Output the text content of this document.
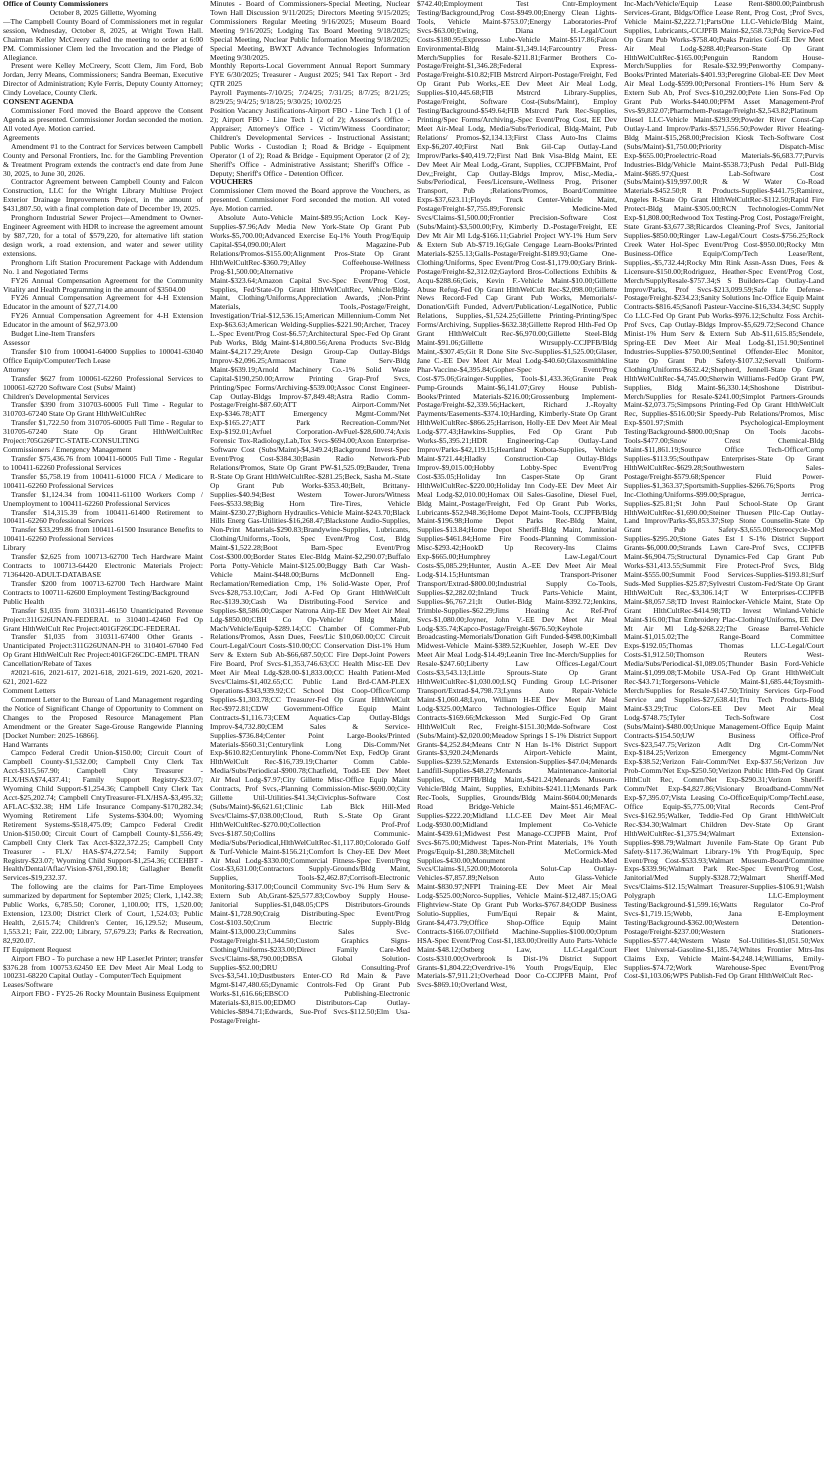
Office of County Commissioners

October 8, 2025 Gillette, Wyoming

—The Campbell County Board of Commissioners met in regular session, Wednesday, October 8, 2025, at Wright Town Hall. Chairman Kelley McCreery called the meeting to order at 6:00 PM. Commissioner Clem led the Invocation and the Pledge of Allegiance.

Present were Kelley McCreery, Scott Clem, Jim Ford, Bob Jordan, Jerry Means, Commissioners; Sandra Beeman, Executive Director of Administration; Kyle Ferris, Deputy County Attorney; Cindy Lovelace, County Clerk.

CONSENT AGENDA

Commissioner Ford moved the Board approve the Consent Agenda as presented. Commissioner Jordan seconded the motion. All voted Aye. Motion carried.

Agreements

Amendment #1 to the Contract for Services between Campbell County and Personal Frontiers, Inc. for the Gambling Prevention & Treatment Program extends the contract's end date from June 30, 2025, to June 30, 2026.

Contractor Agreement between Campbell County and Falcon Construction, LLC for the Wright Library Multiuse Project Exterior Drainage Improvements Project, in the amount of $431,807.50, with a final completion date of December 19, 2025.

Pronghorn Industrial Sewer Project—Amendment to Owner-Engineer Agreement with HDR to increase the agreement amount by $87,720, for a total of $579,220, for alternative lift station design work, a road extension, and water and sewer utility extensions.

Pronghorn Lift Station Procurement Package with Addendum No. 1 and Negotiated Terms

FY26 Annual Compensation Agreement for the Community Vitality and Health Programming in the amount of $3504.00

FY26 Annual Compensation Agreement for 4-H Extension Educator in the amount of $27,714.00

FY26 Annual Compensation Agreement for 4-H Extension Educator in the amount of $62,973.00

Budget Line-Item Transfers

Assessor

Transfer $10 from 100041-64000 Supplies to 100041-63040 Office Equip/Computer/Tech Lease

Attorney

Transfer $627 from 100061-62260 Professional Services to 100061-62720 Software Cost (Subs/ Maint)

Children's Developmental Services

Transfer $390 from 310703-60005 Full Time - Regular to 310703-67240 State Op Grant HlthWelCultRec

Transfer $1,722.50 from 310705-60005 Full Time - Regular to 310705-67240 State Op Grant HlthWelCultRec Project:705G26PTC-STATE-CONSULTING

Commissioners / Emergency Management

Transfer $75,436.76 from 100411-60005 Full Time - Regular to 100411-62260 Professional Services

Transfer $5,758.19 from 100411-61000 FICA / Medicare to 100411-62260 Professional Services

Transfer $1,124.34 from 100411-61100 Workers Comp / Unemployment to 100411-62260 Professional Services

Transfer $14,315.39 from 100411-61400 Retirement to 100411-62260 Professional Services

Transfer $33,299.86 from 100411-61500 Insurance Benefits to 100411-62260 Professional Services

Library

Transfer $2,625 from 100713-62700 Tech Hardware Maint Contracts to 100713-64420 Electronic Materials Project: 71364420-ADULT-DATABASE

Transfer $200 from 100713-62700 Tech Hardware Maint Contracts to 100711-62600 Employment Testing/Background

Public Health

Transfer $1,035 from 310311-46150 Unanticipated Revenue Project:311G26UNAN-FEDERAL to 310401-42460 Fed Op Grant HlthWelCult Rec Project:401GF26CDC-FEDERAL

Transfer $1,035 from 310311-67400 Other Grants - Unanticipated Project:311G26UNAN-PH to 310401-67040 Fed Op Grant HlthWelCult Rec Project:401GF26CDC-EMPL TRAN

Cancellation/Rebate of Taxes

#2021-616, 2021-617, 2021-618, 2021-619, 2021-620, 2021-621, 2021-622

Comment Letters

Comment Letter to the Bureau of Land Management regarding the Notice of Significant Change of Opportunity to Comment on Changes to the Proposed Resource Management Plan Amendment or the Greater Sage-Grouse Rangewide Planning [Docket Number: 2025-16866].

Hand Warrants

Campco Federal Credit Union-$150.00; Circuit Court of Campbell County-$1,532.00; Campbell Cnty Clerk Tax Acct-$315,567.90; Campbell Cnty Treasurer - FLX/HSA$74,437.41; Family Support Registry-$23.07; Wyoming Child Support-$1,254.36; Campbell Cnty Clerk Tax Acct-$25,202.74; Campbell CntyTreasurer-FLX/HSA-$3,495.32; AFLAC-$32.38; HM Life Insurance Company-$170,282.34; Wyoming Retirement Life Systems-$304.00; Wyoming Retirement Systems-$518,475.09; Campco Federal Credit Union-$150.00; Circuit Court of Campbell County-$1,556.49; Campbell Cnty Clerk Tax Acct-$322,372.25; Campbell Cnty Treasurer - FLX/ HAS-$74,272.54; Family Support Registry-$23.07; Wyoming Child Support-$1,254.36; CCEHBT - Health/Dental/Aflac/Vision-$761,390.18; Gallagher Benefit Services-$19,232.37.

The following are the claims for Part-Time Employees summarized by department for September 2025; Clerk, 1,142.38; Public Works, 6,785.50; Coroner, 1,100.00; ITS, 1,520.00; Extension, 123.00; District Clerk of Court, 1,524.03; Public Health, 2,615.74; Children's Center, 16,129.52; Museum, 1,553.21; Fair, 222.00; Library, 57,679.23; Parks & Recreation, 82,920.07.

IT Equipment Request

Airport FBO - To purchase a new HP LaserJet Printer; transfer $376.28 from 100753.62450 EE Dev Meet Air Meal Lodg to 100231-68220 Capital Outlay - Computer/Tech Equipment

Leases/Software

Airport FBO - FY25-26 Rocky Mountain Business Equipment

Minutes - Board of Commissioners-Special Meeting, Nuclear Town Hall Discussion 9/11/2025; Directors Meeting 9/15/2025; Commissioners Regular Meeting 9/16/2025; Museum Board Meeting 9/16/2025; Lodging Tax Board Meeting 9/18/2025; Special Meeting, Nuclear Public Information Meeting 9/18/2025; Special Meeting, BWXT Advance Technologies Information Meeting 9/30/2025.

Monthly Reports-Local Government Annual Report Summary FYE 6/30/2025; Treasurer - August 2025; 941 Tax Report - 3rd QTR 2025

Payroll Payments-7/10/25; 7/24/25; 7/31/25; 8/7/25; 8/21/25; 8/29/25; 9/4/25; 9/18/25; 9/30/25; 10/02/25

Position Vacancy Justifications-Airport FBO - Line Tech 1 (1 of 2); Airport FBO - Line Tech 1 (2 of 2); Assessor's Office - Appraiser; Attorney's Office - Victim/Witness Coordinator; Children's Developmental Services - Instructional Assistant; Public Works - Custodian I; Road & Bridge - Equipment Operator (1 of 2); Road & Bridge - Equipment Operator (2 of 2); Sheriff's Office - Administrative Assistant; Sheriff's Office - Deputy; Sheriff's Office - Detention Officer.

VOUCHERS

Commissioner Clem moved the Board approve the Vouchers, as presented. Commissioner Ford seconded the motion. All voted Aye. Motion carried.

Absolute Auto-Vehicle Maint-$89.95;Action Lock Key-Supplies-$7.96;Adv Media New York-State Op Grant Pub Works-$5,700.00;Advanced Exercise Eq-1% Youth Prog/Equip Capital-$54,090.00;Alert Magazine-Pub Relations/Promos-$155.00;Alignment Pros-State Op Grant HlthWelCultRec-$360.79;Alley Coffeehouse-Wellness Prog-$1,500.00;Alternative Propane-Vehicle Maint-$323.64;Amazon Capital Svc-Spec Event/Prog Cost, Supplies, Fed/State-Op Grant HlthWelCultRec, Vehicle/Bldg-Maint, Clothing/Uniforms,Appreciation Awards, ;Non-Print Materials, Tools,-Postage/Freight, Investigation/Trial-$12,536.15;American Millennium-Comm Net Exp-$63.63;American Welding-Supplies-$221.90;Archer, Tracey L.-Spec Event/Prog Cost-$6.57;Architectural Spec-Fed Op Grant Pub Works, Bldg Maint-$14,800.56;Arena Products Svc-Bldg Maint-$4,217.29;Arete Design Group-Cap Outlay-Bldgs Improv-$2,096.25;Armacost Trane Serv-Bldg Maint-$639.19;Arnold Machinery Co.-1% Solid Waste Capital-$190,250.00;Arrow Printing Grap-Prof Svcs, Printing/Spec Forms/Archiving-$539.00;Assoc Const Engineer-Cap Outlay-Bldgs Improv-$7,849.48;Astra Radio Comm-Postage/Freight-$87.60;ATT Airport-Comm/Net Exp-$346.78;ATT Emergency Mgmt-Comm/Net Exp-$165.27;ATT Park Recreation-Comm/Net Exp-$192.01;Avfuel Corporation-AvFuel-$28,600.74;Axis Forensic Tox-Radiology,Lab,Tox Svcs-$694.00;Axon Enterprise-Software Cost (Subs/Maint)-$4,349.24;Background Invest-Spec Event/Prog Cost-$384.30;Basin Radio Network-Pub Relations/Promos, State Op Grant PW-$1,525.09;Bauder, Trena R-State Op Grant HlthWelCultRec-$281.25;Beck, Sasha M.-State Op Grant Pub Works-$353.40;Belt, Brittany-Supplies-$40.94;Best Western Tower-Jurors/Witness Fees-$533.98;Big Horn Tire-Tires, Vehicle Maint-$230.27;Bighorn Hydraulics-Vehicle Maint-$243.70;Black Hills Energ Gas-Utilities-$16,268.47;Blackstone Audio-Supplies, Non-Print Materials-$290.83;Brandywine-Supplies, Lubricants, Clothing/Uniforms,-Tools, Spec Event/Prog Cost, Bldg Maint-$1,522.28;Boot Barn-Spec Event/Prog Cost-$300.00;Border States Elec-Bldg Maint-$2,290.07;Buffalo Porta Potty-Vehicle Maint-$125.00;Buggy Bath Car Wash-Vehicle Maint-$448.00;Burns McDonnell Eng-Reclamation/Remediation Cmp, 1% Solid-Waste Oper, Prof Svcs-$28,753.10;Carr, Jodi A-Fed Op Grant HlthWelCult Rec-$139.30;Cash Wa Distributing-Food Service and Supplies-$8,586.00;Casper Natrona Airp-EE Dev Meet Air Meal Ldg-$850.00;CBH Co Op-Vehicle/ Bldg Maint, Mach/Vehicle/Equip-$289.14;CC Chamber Of Commer-Pub Relations/Promos, Assn Dues, Fees/Lic $10,060.00;CC Circuit Court-Legal/Court Costs-$10.00;CC Conservation Dist-1% Hum Serv & Extern Sub Ab-$66,687.50;CC Fire Dept-Joint Powers Fire Board, Prof Svcs-$1,353,746.63;CC Health Misc-EE Dev Meet Air Meal Ldg-$28.00-$1,833.00;CC Health Patient-Med Svcs/Claims-$1,402.65;CC Public Land Brd-CAM-PLEX Operations-$343,939.92;CC School Dist Coop-Office/Comp Supplies-$1,303.78;CC Treasurer-Fed Op Grant HlthWelCult Rec-$972.81;CDW Government-Office Equip Maint Contracts-$1,116.73;CEM Aquatics-Cap Outlay-Bldgs Improv-$4,732.80;CEM Sales & Service-Supplies-$736.84;Center Point Large-Books/Printed Materials-$560.31;Centurylink Long Dis-Comm/Net Exp-$610.82;Centurylink Phone-Comm/Net Exp, FedOp Grant HlthWelCult Rec-$16,739.19;Charter Comm Cable-Media/Subs/Periodical-$900.78;Chatfield, Todd-EE Dev Meet Air Meal Lodg-$7.97;City Gillette Misc-Office Equip Maint Contracts, Prof Svcs,-Planning Commission-Misc-$690.00;City Gillette Util-Utilities-$41.34;Civicplus-Software Cost (Subs/Maint)-$6,621.61;Clinic Lab Blck Hill-Med Svcs/Claims-$7,038.00;Cloud, Ruth S.-State Op Grant HlthWelCultRec-$270.00;Collection Prof-Prof Svcs-$187.50;Collins Communic-Media/Subs/Periodical,HlthWelCultRec-$1,117.80;Colorado Golf & Turf-Vehicle Maint-$156.21;Comfort Is Chey-EE Dev Meet Air Meal Lodg-$330.00;Commercial Fitness-Spec Event/Prog Cost-$3,631.00;Contractors Supply-Grounds/Bldg Maint, Supplies, Tools-$2,462.87;Corrisoft-Electronic Monitoring-$317.00;Council Community Svc-1% Hum Serv & Extern Sub Ab,Grant-$25,577.83;Cowboy Supply House-Janitorial Supplies-$1,048.05;CPS Distributors-Grounds Maint-$1,728.90;Craig Distributing-Spec Event/Prog Cost-$103.50;Crum Electric Supply-Bldg Maint-$13,000.23;Cummins Sales Svc-Postage/Freight-$11,344.50;Custom Graphics Signs-Clothing/Uniforms-$233.00;Direct Family Care-Med Svcs/Claims-$8,790.00;DBSA Global Solution-Supplies-$52.00;DRU Consulting-Prof Svcs-$3,541.10;Dustbusters Enter-CO Rd Main & Pave Mgmt-$147,480.65;Dynamic Controls-Fed Op Grant Pub Works-$1,616.66;EBSCO Publishing-Electronic Materials-$3,815.00;EDMO Distributors-Cap Outlay-Vehicles-$894.71;Edwards, Sue-Prof Svcs-$112.50;Elm Usa-Postage/Freight-

$742.40;Employment Test Cntr-Employment Testing/Background,Prog Cost-$949.00;Energy Clean Lights-Tools, Vehicle Maint-$753.07;Energy Laboratories-Prof Svcs-$63.00;Ewing, Diana H.-Legal/Court Costs-$180.95;Expresso Lube-Vehicle Maint-$517.86;Falcon Environmental-Bldg Maint-$1,349.14;Farcountry Press-Merch/Supplies for Resale-$211.81;Farmer Brothers Co-Postage/Freight-$1,346.28;Federal Express-Postage/Freight-$10.82;FIB Mstrcrd Airport-Postage/Freight, Fed Op Grant Pub Works,-EE Dev Meet Air Meal Lodg, Supplies-$10,445.68;FIB Mstrcrd Library-Supplies, Postage/Freight, Software Cost-(Subs/Maint), Employ Testing/Background-$549.64;FIB Mstrcrd Park Rec-Supplies, Printing/Spec Forms/Archiving,-Spec Event/Prog Cost, EE Dev Meet Air-Meal Lodg, Media/Subs/Periodical, Bldg-Maint, Pub Relations/ Promos-$2,134.13;First Class Auto-Ins Claims Exp-$6,207.40;First Natl Bnk Gil-Cap Outlay-Land Improv/Parks-$40,419.72;First Natl Bnk Visa-Bldg Maint, EE Dev Meet Air Meal Lodg,-Grant, Supplies, CCJPFBMaint, Prof Dev,;Freight, Cap Outlay-Bldgs Improv, Misc,-Media,-Subs/Periodical, Fees/Licensure,-Wellness Prog, Prisoner Transport, Pub ;Relations/Promos, Board/Committee Exps-$37,623.11;Floyds Truck Center-Vehicle Maint, Postage/Freight-$7,755.89;Forensic Medicine-Med Svcs/Claims-$1,500.00;Frontier Precision-Software Cost (Subs/Maint)-$3,500.00;Fry, Kimberly D.-Postage/Freight, EE Dev Mt Air Ml Ldg-$166.11;Gabriel Project WY-1% Hum Serv & Extern Sub Ab-$719.16;Gale Cengage Learn-Books/Printed Materials-$255.13;Galls-Postage/Freight-$189.93;Game One-Clothing/Uniforms, Spec Event/Prog Cost-$1,179.00;Gary Brink-Postage/Freight-$2,312.02;Gaylord Bros-Collections Exhibits & Acqu-$288.66;Geis, Kevin F.-Vehicle Maint-$10.00;Gillette Abuse Refug-Fed Op Grant HlthWelCult Rec-$2,098.00;Gillette News Record-Fed Cap Grant Pub Works, Memorials/-Donation/Gift Funded, Advert/Publication/-LegalNotice, Public Relations, Supplies,-$1,524.25;Gillette Printing-Printing/Spec Forms/Archiving, Supplies-$632.38;Gillette Reprod Hlth-Fed Op Grant HlthWelCult Rec-$6,970.00;Gillette Steel-Bldg Maint-$91.06;Gillette Wtrsupply-CCJPFB/Bldg Maint,-$307.45;Git R Done Site Svc-Supplies-$1,525.00;Glaser, Jane C.-EE Dev Meet Air Meal Lodg-$40.60;Glaxosmithkline Phar-Vaccine-$4,395.84;Gopher-Spec Event/Prog Cost-$75.06;Grainger-Supplies, Tools-$1,433.36;Granite Peak Pump-Grounds Maint-$6,141.07;Grey House Publish-Books/Printed Materials-$216.00;Grossenburg Implement-Postage/Freight-$2,339.56;Hackert, Richard J.-Royalty Payments/Easements-$374.10;Harding, Kimberly-State Op Grant HlthWelCultRec-$866.25;Harrison, Holly-EE Dev Meet Air Meal Lodg-$77.43;Hawkins-Supplies, Fed Op Grant Pub Works-$5,395.21;HDR Engineering-Cap Outlay-Land Improv/Parks-$42,119.15;Heartland Kubota-Supplies, Vehicle Maint-$721.44;Hladky Construction-Cap Outlay-Bldgs Improv-$9,015.00;Hobby Lobby-Spec Event/Prog Cost-$35.05;Holiday Inn Casper-State Op Grant HlthWelCultRec-$220.00;Holiday Inn Cody-EE Dev Meet Air Meal Lodg-$2,010.00;Homax Oil Sales-Gasoline, Diesel Fuel, Bldg Maint,-Postage/Freight, Fed Op Grant Pub Works, Lubricants-$52,948.36;Home Depot Maint-Tools, CCJPFB/Bldg Maint-$196.98;Home Depot Parks Rec-Bldg Maint, Supplies-$13.84;Home Depot Sheriff-Bldg Maint, Janitorial Supplies-$461.84;Home Fire Foods-Planning Commission-Misc-$293.42;HookD Up Recovery-Ins Claims Exp-$665.00;Humphrey Law-Legal/Court Costs-$5,085.29;Hunter, Austin A.-EE Dev Meet Air Meal Lodg-$14.15;Huntsman Transport-Prisoner Transport/Extrad-$800.00;Industrial Supply Co-Tools, Supplies-$2,282.02;Inland Truck Parts-Vehicle Maint, Supplies-$6,767.21;It Outlet-Bldg Maint-$392.72;Jenkins, Trimble-Supplies-$62.29;Jims Heating Ac Ref-Prof Svcs-$1,080.00;Joyner, John V.-EE Dev Meet Air Meal Lodg-$35.74;Kapco-Postage/Freight-$676.50;Keyhole Broadcasting-Memorials/Donation Gift Funded-$498.00;Kimball Midwest-Vehicle Maint-$389.52;Kuehler, Joseph W.-EE Dev Meet Air Meal Lodg-$14.49;Leanin Tree Inc-Merch/Supplies for Resale-$247.60;Liberty Law Offices-Legal/Court Costs-$3,543.13;Little Sprouts-State Op Grant HlthWelCultRec-$1,030.00;LSQ Funding Group LC-Prisoner Transport/Extrad-$4,798.73;Lynns Auto Repair-Vehicle Maint-$1,060.48;Lyon, William H-EE Dev Meet Air Meal Lodg-$325.00;Marco Technologies-Office Equip Maint Contracts-$169.66;Mckesson Med Surgic-Fed Op Grant HlthWelCult Rec, Freight-$151.30;Mde-Software Cost (Subs/Maint)-$2,020.00;Meadow Springs I S-1% District Support Grants-$4,252.84;Means Cntr N Han Is-1% District Support Grants-$3,920.24;Menards Airport-Vehicle Maint, Supplies-$239.52;Menards Extension-Supplies-$47.04;Menards Landfill-Supplies-$48.27;Menards Maintenance-Janitorial Supplies, CCJPFB/Bldg Maint,-$421.24;Menards Museum-Vehicle/Bldg Maint, Supplies, Exhibits-$241.11;Menards Park Rec-Tools, Supplies, Grounds/Bldg Maint-$604.00;Menards Road Bridge-Vehicle Maint-$51.46;MFAC-Supplies-$222.20;Midland LLC-EE Dev Meet Air Meal Lodg-$930.00;Midland Implement Co-Vehicle Maint-$439.61;Midwest Pest Manage-CCJPFB Maint, Prof Svcs-$675.00;Midwest Tapes-Non-Print Materials, 1% Youth Progs/Equip-$1,280.38;Mitchell McCormick-Med Supplies-$430.00;Monument Health-Med Svcs/Claims-$1,520.00;Motorola Solut-Cap Outlay-Vehicles-$7,857.89;Nelson Auto Glass-Vehicle Maint-$830.97;NFPI Training-EE Dev Meet Air Meal Lodg-$525.00;Norco-Supplies, Vehicle Maint-$12,487.15;OAG Flightview-State Op Grant Pub Works-$767.84;ODP Business Solutio-Supplies, Fum/Equi Repair & Maint, Grant-$4,473.79;Office Shop-Office Equip Maint Contracts-$166.07;Oilfield Machine-Supplies-$100.00;Optum HSA-Spec Event/Prog Cost-$1,183.00;Oreilly Auto Parts-Vehicle Maint-$48.12;Ostberg Law, LLC-Legal/Court Costs-$310.00;Overbrook Is Dist-1% District Support Grants-$1,804.22;Overdrive-1% Youth Progs/Equip, Elec Materials-$7,911.21;Overhead Door Co-CCJPFB Maint, Prof Svcs-$869.10;Overland West,

Inc-Mach/Vehicle/Equip Lease Rent-$800.00;Paintbrush Services-Grant, Bldgs/Office Lease Rent, Prog Cost, ;Prof Svcs, Vehicle Maint-$2,222.71;PartsOne LLC-Vehicle/Bldg Maint, Supplies, Lubricants,-CCJPFB Maint-$2,558.73;Pdq Service-Fed Op Grant Pub Works-$758.40;Peaks Prairies Golf-EE Dev Meet Air Meal Lodg-$288.40;Pearson-State Op Grant HlthWelCultRec-$165.00;Penguin Random House-Merch/Supplies for Resale-$32.99;Penworthy Company-Books/Printed Materials-$401.93;Peregrine Global-EE Dev Meet Air Meal Lodg-$599.00;Personal Frontiers-1% Hum Serv & Extern Sub Ab, Prof Svcs-$10,292.00;Pete Lien Sons-Fed Op Grant Pub Works-$440.00;PFM Asset Management-Prof Svs-$9,832.07;Pharmchem-Postage/Freight-$2,543.82;Platinum Diesel LLC-Vehicle Maint-$293.99;Powder River Const-Cap Outlay-Land Improv/Parks-$571,556.50;Powder River Heating-Bldg Maint-$15,268.00;Precision Kiosk Tech-Software Cost (Subs/Maint)-$1,750.00;Priority Dispatch-Misc Exp-$655.00;Proelectric-Road Materials-$6,683.77;Purvis Industries-Bldg/Vehicle Maint-$538.73;Push Pedal Pull-Bldg Maint-$685.97;Quest Lab-Software Cost (Subs/Maint)-$19,997.00;R & W Water Co-Road Materials-$452.50;R R Products-Supplies-$441.75;Ramirez, Angeles R-State Op Grant HlthWelCultRec-$112.50;Rapid Fire Protect-Bldg Maint-$305.00;RCN Technologies-Comm/Net Exp-$1,808.00;Redwood Tox Testing-Prog Cost, Postage/Freight, State Grant-$3,677.38;Ricardos Cleaning-Prof Svcs, Janitorial Supplies-$850.00;Ringer Law-Legal/Court Costs-$756.25;Rock Creek Water Hol-Spec Event/Prog Cost-$950.00;Rocky Mtn Business-Office Equip/Comp/Tech Lease/Rent, Supplies,-$5,732.44;Rocky Mtn Rink Assn-Assn Dues, Fees & Licensure-$150.00;Rodriguez, Heather-Spec Event/Prog Cost, Merch/SupplyResale-$757.34;S S Builders-Cap Outlay-Land Improv/Parks, Prof Svcs-$213,099.59;Safe Life Defense-Postage/Freight-$234.23;Sanity Solutions Inc-Office Equip Maint Contracts-$816.45;Sanofi Pasteur-Vaccine-$16,334.34;SC Supply Co LLC-Fed Op Grant Pub Works-$976.12;Schultz Foss Archit-Prof Svcs, Cap Outlay-Bldgs Improv-$5,629.72;Second Chance Minist-1% Hum Serv & Extern Sub Ab-$11,615.85;Sendele, Spring-EE Dev Meet Air Meal Lodg-$1,151.90;Sentinel Industries-Supplies-$750.00;Sentinel Offender-Elec Monitor, State Op Grant Pub Safety-$107.32;Servall Uniform-Clothing/Uniforms-$632.42;Shepherd, Jennell-State Op Grant HlthWelCultRec-$4,745.00;Sherwin Williams-FedOp Grant PW, Supplies, Bldg Maint-$6,330.14;Shoshone Distribut-Merch/Supplies for Resale-$241.00;Simplot Partners-Grounds Maint-$2,073.75;Simpsons Printing-Fed Op Grant HlthWelCult Rec, Supplies-$516.00;Sir Speedy-Pub Relations/Promos, Misc Exp-$501.97;Smith Psychological-Employment Testing/Background-$800.00;Snap On Tools Jacobs-Tools-$477.00;Snow Crest Chemical-Bldg Maint-$11,861.19;Source Office Tech-Office/Comp Supplies-$113.95;Southpaw Enterprises-State Op Grant HlthWelCultRec-$629.28;Southwestern Sales-Postage/Freight-$579.68;Spencer Fluid Power-Supplies-$1,363.37;Sportsmith-Supplies-$266.76;Sports Prog Inc-Clothing/Uniforms-$99.00;Sprague, Jerrica-Supplies-$25.81;St John Paul School-State Op Grant HlthWelCultRec-$1,690.00;Steiner Thuesen Pllc-Cap Outlay-Land Improv/Parks-$5,853.37;Step Stone Counselin-State Op Grant Pub Safety-$3,655.00;Stereocycle-Med Supplies-$295.20;Stone Gates Est I S-1% District Support Grants-$6,000.00;Strands Lawn Care-Prof Svcs, CCJPFB Maint-$6,904.75;Structural Dynamics-Fed Cap Grant Pub Works-$31,413.55;Summit Fire Protect-Prof Svcs, Bldg Maint-$555.00;Summit Food Services-Supplies-$193.81;Surf Suds-Med Supplies-$25.87;Sylvestri Custom-Fed/State Op Grant HlthWelCult Rec,-$3,306.14;T W Enterprises-CCJPFB Maint-$8,057.58;TD Invest Rainlocker-Vehicle Maint, State Op Grant HlthCultRec-$414.98;TD Invest Winland-Vehicle Maint-$16.00;That Embroidery Plac-Clothing/Uniforms, EE Dev Mt Air Ml Ldg-$268.22;The Grease Barrel-Vehicle Maint-$1,015.02;The Range-Board Committee Exps-$192.05;Thomas Thomas LLC-Legal/Court Costs-$1,912.50;Thomson Reuters West-Media/Subs/Periodical-$1,089.05;Thunder Basin Ford-Vehicle Maint-$1,099.08;T-Mobile USA-Fed Op Grant HlthWelCult Rec-$43.71;Torgersons-Vehicle Maint-$1,685.44;Toysmith-Merch/Supplies for Resale-$147.50;Trinity Services Grp-Food Service and Supplies-$27,638.41;Tru Tech Products-Bldg Maint-$3.29;Truc Colors-EE Dev Meet Air Meal Lodg-$748.75;Tyler Tech-Software Cost (Subs/Maint)-$480.00;Unique Management-Office Equip Maint Contracts-$154.50;UW Business Office-Prof Svcs-$23,547.75;Verizon Adlt Drg Crt-Comm/Net Exp-$184.25;Verizon Emergency Mgmt-Comm/Net Exp-$38.52;Verizon Fair-Comm/Net Exp-$37.56;Verizon Juv Prob-Comm/Net Exp-$250.50;Verizon Public Hlth-Fed Op Grant HlthCult Rec, Comm/Net Exp-$290.31;Verizon Sheriff-Comm/Net Exp-$4,827.86;Visionary Broadband-Comm/Net Exp-$7,395.07;Vista Leasing Co-OfficeEquip/Comp/TechLease, Office Equip-$5,775.00;Vital Records Cent-Prof Svcs-$162.95;Walker, Teddie-Fed Op Grant HlthWelCult Rec-$34.30;Walmart Children Dev-State Op Grant HlthWelCultRec-$1,375.94;Walmart Extension-Supplies-$98.79;Walmart Juvenile Fam-State Op Grant Pub Safety-$117.36;Walmart Library-1% Yth Prog/Equip, Spec Event/Prog Cost-$533.93;Walmart Museum-Board/Committee Exps-$339.96;Walmart Park Rec-Spec Event/Prog Cost, Janitorial/Med Supply-$328.72;Walmart Sheriff-Med Svcs/Claims-$12.15;Walmart Treasurer-Supplies-$106.91;Walsh Polygraph LLC-Employment Testing/Background-$1,599.16;Watts Regulator Co-Prof Svcs-$1,719.15;Webb, Jana E-Employment Testing/Background-$362.00;Western Detention-Postage/Freight-$237.00;Western Stationers-Supplies-$577.44;Western Waste Sol-Utilities-$1,051.50;Wex Fleet Universal-Gasoline-$1,185.74;Whites Frontier Mtrs-Ins Claims Exp, Vehicle Maint-$4,248.14;Williams, Emily-Supplies-$74.72;Work Warehouse-Spec Event/Prog Cost-$1,103.06;WPS Publish-Fed Op Grant HlthWelCult Rec-
